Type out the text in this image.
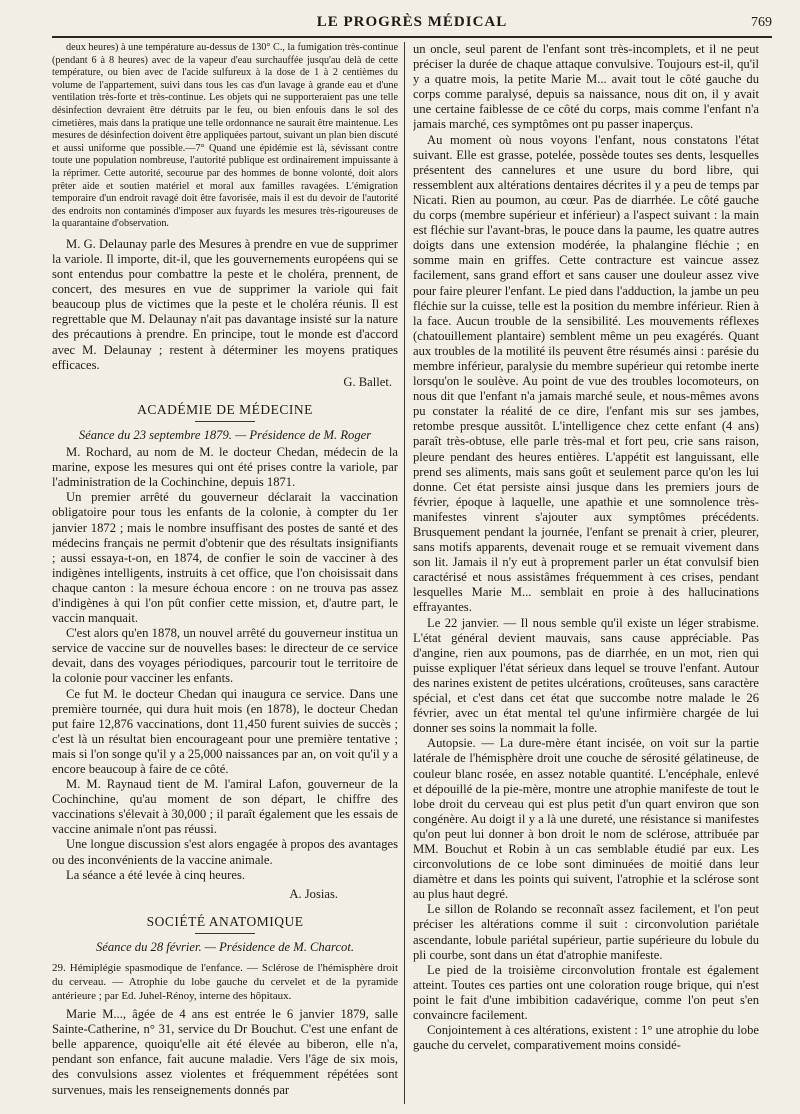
LE PROGRÈS MÉDICAL	769

deux heures) à une température au-dessus de 130° C., la fumigation très-continue (pendant 6 à 8 heures) avec de la vapeur d'eau surchauffée jusqu'au delà de cette température, ou bien avec de l'acide sulfureux à la dose de 1 à 2 centièmes du volume de l'appartement, suivi dans tous les cas d'un lavage à grande eau et d'une ventilation très-forte et très-continue. Les objets qui ne supporteraient pas une telle désinfection devraient être détruits par le feu, ou bien enfouis dans le sol des cimetières, mais dans la pratique une telle ordonnance ne saurait être maintenue. Les mesures de désinfection doivent être appliquées partout, suivant un plan bien discuté et aussi uniforme que possible.—7° Quand une épidémie est là, sévissant contre toute une population nombreuse, l'autorité publique est ordinairement impuissante à la réprimer. Cette autorité, secourue par des hommes de bonne volonté, doit alors prêter aide et soutien matériel et moral aux familles ravagées. L'émigration temporaire d'un endroit ravagé doit être favorisée, mais il est du devoir de l'autorité des endroits non contaminés d'imposer aux fuyards les mesures très-rigoureuses de la quarantaine d'observation.

M. G. Delaunay parle des Mesures à prendre en vue de supprimer la variole. Il importe, dit-il, que les gouvernements européens qui se sont entendus pour combattre la peste et le choléra, prennent, de concert, des mesures en vue de supprimer la variole qui fait beaucoup plus de victimes que la peste et le choléra réunis. Il est regrettable que M. Delaunay n'ait pas davantage insisté sur la nature des précautions à prendre. En principe, tout le monde est d'accord avec M. Delaunay ; restent à déterminer les moyens pratiques efficaces.

G. Ballet.

ACADÉMIE DE MÉDECINE

Séance du 23 septembre 1879. — Présidence de M. Roger

M. Rochard, au nom de M. le docteur Chedan, médecin de la marine, expose les mesures qui ont été prises contre la variole, par l'administration de la Cochinchine, depuis 1871.

Un premier arrêté du gouverneur déclarait la vaccination obligatoire pour tous les enfants de la colonie, à compter du 1er janvier 1872 ; mais le nombre insuffisant des postes de santé et des médecins français ne permit d'obtenir que des résultats insignifiants ; aussi essaya-t-on, en 1874, de confier le soin de vacciner à des indigènes intelligents, instruits à cet office, que l'on choisissait dans chaque canton : la mesure échoua encore : on ne trouva pas assez d'indigènes à qui l'on pût confier cette mission, et, d'autre part, le vaccin manquait.

C'est alors qu'en 1878, un nouvel arrêté du gouverneur institua un service de vaccine sur de nouvelles bases: le directeur de ce service devait, dans des voyages périodiques, parcourir tout le territoire de la colonie pour vacciner les enfants.

Ce fut M. le docteur Chedan qui inaugura ce service. Dans une première tournée, qui dura huit mois (en 1878), le docteur Chedan put faire 12,876 vaccinations, dont 11,450 furent suivies de succès ; c'est là un résultat bien encourageant pour une première tentative ; mais si l'on songe qu'il y a 25,000 naissances par an, on voit qu'il y a encore beaucoup à faire de ce côté.

M. M. Raynaud tient de M. l'amiral Lafon, gouverneur de la Cochinchine, qu'au moment de son départ, le chiffre des vaccinations s'élevait à 30,000 ; il paraît également que les essais de vaccine animale n'ont pas réussi.

Une longue discussion s'est alors engagée à propos des avantages ou des inconvénients de la vaccine animale.

La séance a été levée à cinq heures.

A. Josias.

SOCIÉTÉ ANATOMIQUE

Séance du 28 février. — Présidence de M. Charcot.

29. Hémiplégie spasmodique de l'enfance. — Sclérose de l'hémisphère droit du cerveau. — Atrophie du lobe gauche du cervelet et de la pyramide antérieure ; par Ed. Juhel-Rénoy, interne des hôpitaux.

Marie M..., âgée de 4 ans est entrée le 6 janvier 1879, salle Sainte-Catherine, n° 31, service du Dr Bouchut. C'est une enfant de belle apparence, quoiqu'elle ait été élevée au biberon, elle n'a, pendant son enfance, fait aucune maladie. Vers l'âge de six mois, des convulsions assez violentes et fréquemment répétées sont survenues, mais les renseignements donnés par

un oncle, seul parent de l'enfant sont très-incomplets, et il ne peut préciser la durée de chaque attaque convulsive. Toujours est-il, qu'il y a quatre mois, la petite Marie M... avait tout le côté gauche du corps comme paralysé, depuis sa naissance, nous dit on, il y avait une certaine faiblesse de ce côté du corps, mais comme l'enfant n'a jamais marché, ces symptômes ont pu passer inaperçus.

Au moment où nous voyons l'enfant, nous constatons l'état suivant. Elle est grasse, potelée, possède toutes ses dents, lesquelles présentent des cannelures et une usure du bord libre, qui ressemblent aux altérations dentaires décrites il y a peu de temps par Nicati. Rien au poumon, au cœur. Pas de diarrhée. Le côté gauche du corps (membre supérieur et inférieur) a l'aspect suivant : la main est fléchie sur l'avant-bras, le pouce dans la paume, les quatre autres doigts dans une extension modérée, la phalangine fléchie ; en somme main en griffes. Cette contracture est vaincue assez facilement, sans grand effort et sans causer une douleur assez vive pour faire pleurer l'enfant. Le pied dans l'adduction, la jambe un peu fléchie sur la cuisse, telle est la position du membre inférieur. Rien à la face. Aucun trouble de la sensibilité. Les mouvements réflexes (chatouillement plantaire) semblent même un peu exagérés. Quant aux troubles de la motilité ils peuvent être résumés ainsi : parésie du membre inférieur, paralysie du membre supérieur qui retombe inerte lorsqu'on le soulève. Au point de vue des troubles locomoteurs, on nous dit que l'enfant n'a jamais marché seule, et nous-mêmes avons pu constater la réalité de ce dire, l'enfant mis sur ses jambes, retombe presque aussitôt. L'intelligence chez cette enfant (4 ans) paraît très-obtuse, elle parle très-mal et fort peu, crie sans raison, pleure pendant des heures entières. L'appétit est languissant, elle prend ses aliments, mais sans goût et seulement parce qu'on les lui donne. Cet état persiste ainsi jusque dans les premiers jours de février, époque à laquelle, une apathie et une somnolence très-manifestes vinrent s'ajouter aux symptômes précédents. Brusquement pendant la journée, l'enfant se prenait à crier, pleurer, sans motifs apparents, devenait rouge et se remuait vivement dans son lit. Jamais il n'y eut à proprement parler un état convulsif bien caractérisé et nous assistâmes fréquemment à ces crises, pendant lesquelles Marie M... semblait en proie à des hallucinations effrayantes.

Le 22 janvier. — Il nous semble qu'il existe un léger strabisme. L'état général devient mauvais, sans cause appréciable. Pas d'angine, rien aux poumons, pas de diarrhée, en un mot, rien qui puisse expliquer l'état sérieux dans lequel se trouve l'enfant. Autour des narines existent de petites ulcérations, croûteuses, sans caractère spécial, et c'est dans cet état que succombe notre malade le 26 février, avec un état mental tel qu'une infirmière chargée de lui donner ses soins la nommait la folle.

Autopsie. — La dure-mère étant incisée, on voit sur la partie latérale de l'hémisphère droit une couche de sérosité gélatineuse, de couleur blanc rosée, en assez notable quantité. L'encéphale, enlevé et dépouillé de la pie-mère, montre une atrophie manifeste de tout le lobe droit du cerveau qui est plus petit d'un quart environ que son congénère. Au doigt il y a là une dureté, une résistance si manifestes qu'on peut lui donner à bon droit le nom de sclérose, attribuée par MM. Bouchut et Robin à un cas semblable étudié par eux. Les circonvolutions de ce lobe sont diminuées de moitié dans leur diamètre et dans les points qui suivent, l'atrophie et la sclérose sont au plus haut degré.

Le sillon de Rolando se reconnaît assez facilement, et l'on peut préciser les altérations comme il suit : circonvolution pariétale ascendante, lobule pariétal supérieur, partie supérieure du lobule du pli courbe, sont dans un état d'atrophie manifeste.

Le pied de la troisième circonvolution frontale est également atteint. Toutes ces parties ont une coloration rouge brique, qui n'est point le fait d'une imbibition cadavérique, comme l'on peut s'en convaincre facilement.

Conjointement à ces altérations, existent : 1° une atrophie du lobe gauche du cervelet, comparativement moins considé-
